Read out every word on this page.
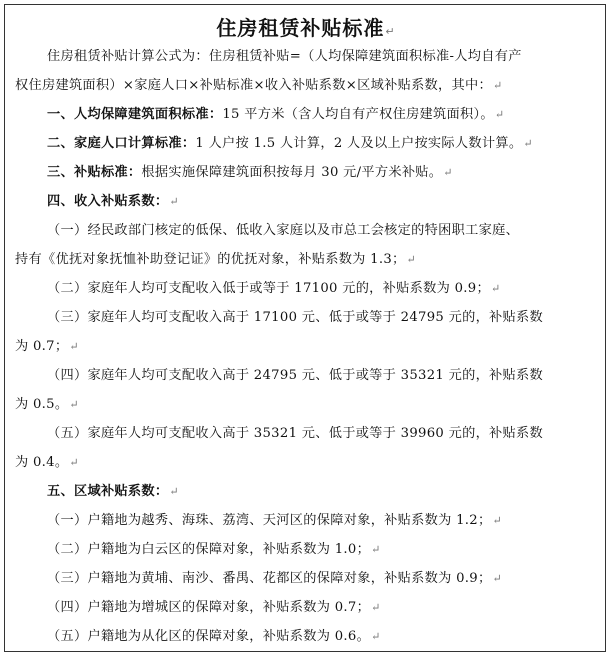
住房租赁补贴标准↵
住房租赁补贴计算公式为：住房租赁补贴=（人均保障建筑面积标准-人均自有产
权住房建筑面积）×家庭人口×补贴标准×收入补贴系数×区域补贴系数，其中：↵
一、人均保障建筑面积标准：15 平方米（含人均自有产权住房建筑面积）。↵
二、家庭人口计算标准：1 人户按 1.5 人计算，2 人及以上户按实际人数计算。↵
三、补贴标准：根据实施保障建筑面积按每月 30 元/平方米补贴。↵
四、收入补贴系数：↵
（一）经民政部门核定的低保、低收入家庭以及市总工会核定的特困职工家庭、
持有《优抚对象抚恤补助登记证》的优抚对象，补贴系数为 1.3；↵
（二）家庭年人均可支配收入低于或等于 17100 元的，补贴系数为 0.9；↵
（三）家庭年人均可支配收入高于 17100 元、低于或等于 24795 元的，补贴系数
为 0.7；↵
（四）家庭年人均可支配收入高于 24795 元、低于或等于 35321 元的，补贴系数
为 0.5。↵
（五）家庭年人均可支配收入高于 35321 元、低于或等于 39960 元的，补贴系数
为 0.4。↵
五、区域补贴系数：↵
（一）户籍地为越秀、海珠、荔湾、天河区的保障对象，补贴系数为 1.2；↵
（二）户籍地为白云区的保障对象，补贴系数为 1.0；↵
（三）户籍地为黄埔、南沙、番禺、花都区的保障对象，补贴系数为 0.9；↵
（四）户籍地为增城区的保障对象，补贴系数为 0.7；↵
（五）户籍地为从化区的保障对象，补贴系数为 0.6。↵
